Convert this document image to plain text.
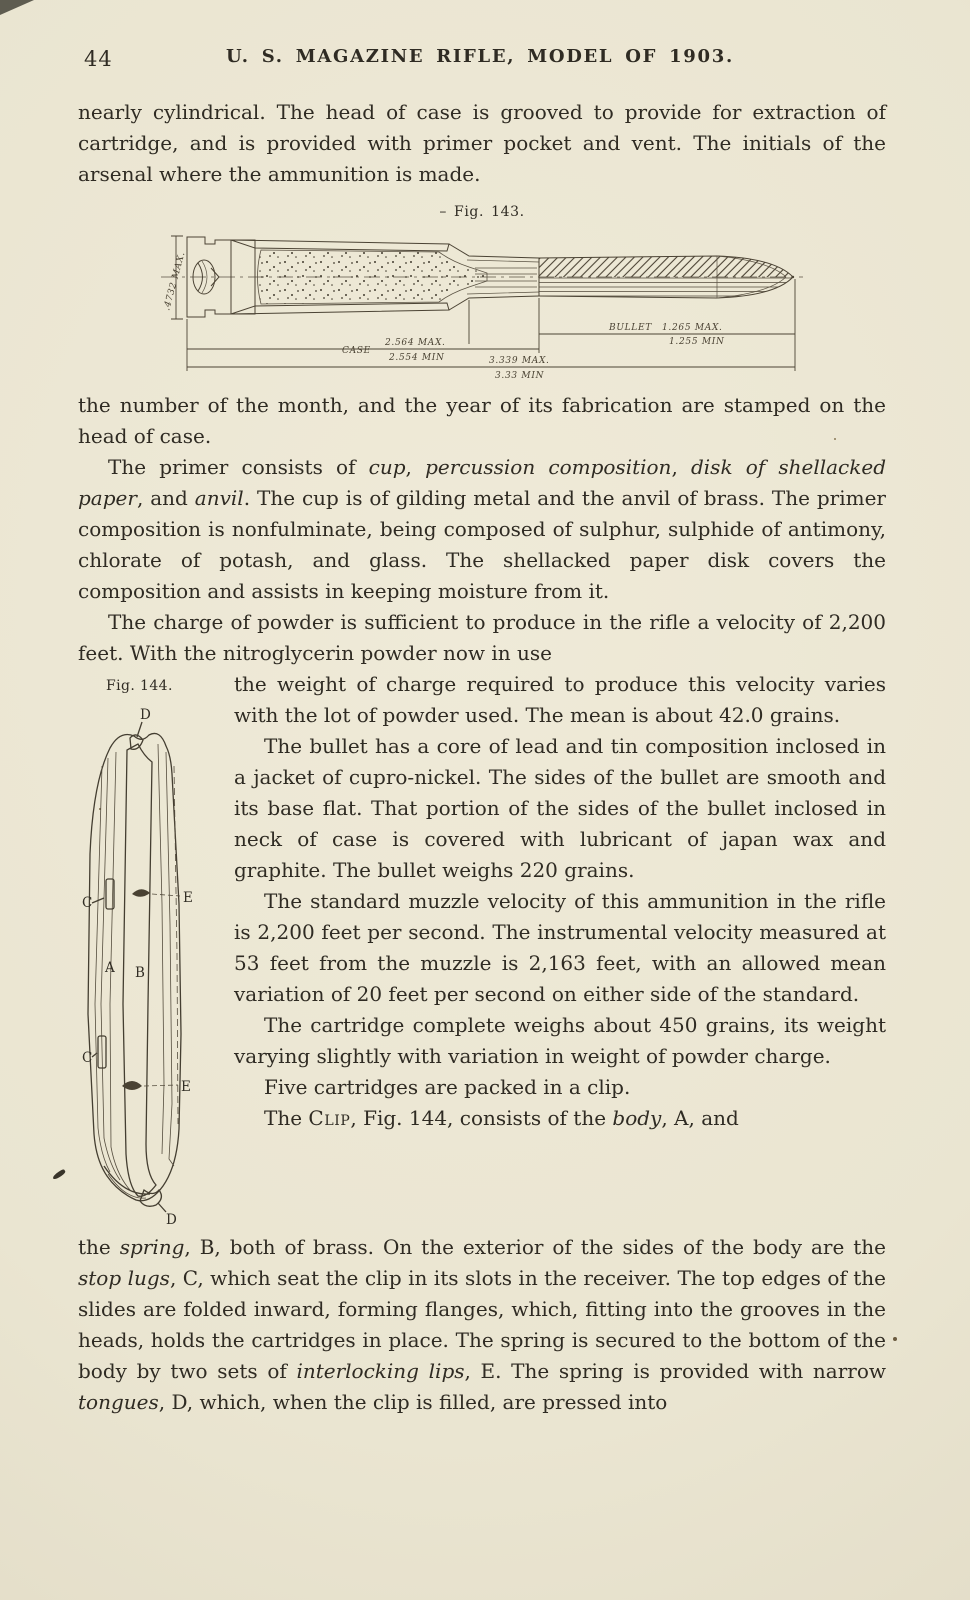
44	U. S. MAGAZINE RIFLE, MODEL OF 1903.

nearly cylindrical. The head of case is grooved to provide for extraction of cartridge, and is provided with primer pocket and vent. The initials of the arsenal where the ammunition is made.

– Fig. 143.
.4732 MAX.
BULLET 1.265 MAX.
1.255 MIN
CASE
2.564 MAX.
2.554 MIN	3.339 MAX.
3.33 MIN

the number of the month, and the year of its fabrication are stamped on the head of case.

The primer consists of cup, percussion composition, disk of shellacked paper, and anvil. The cup is of gilding metal and the anvil of brass. The primer composition is nonfulminate, being composed of sulphur, sulphide of antimony, chlorate of potash, and glass. The shellacked paper disk covers the composition and assists in keeping moisture from it.

The charge of powder is sufficient to produce in the rifle a velocity of 2,200 feet. With the nitroglycerin powder now in use

Fig. 144.
D
C	E
A B
C
E
D

the weight of charge required to produce this velocity varies with the lot of powder used. The mean is about 42.0 grains.

The bullet has a core of lead and tin composition inclosed in a jacket of cupro-nickel. The sides of the bullet are smooth and its base flat. That portion of the sides of the bullet inclosed in neck of case is covered with lubricant of japan wax and graphite. The bullet weighs 220 grains.

The standard muzzle velocity of this ammunition in the rifle is 2,200 feet per second. The instrumental velocity measured at 53 feet from the muzzle is 2,163 feet, with an allowed mean variation of 20 feet per second on either side of the standard.

The cartridge complete weighs about 450 grains, its weight varying slightly with variation in weight of powder charge.

Five cartridges are packed in a clip.

The Clip, Fig. 144, consists of the body, A, and

the spring, B, both of brass. On the exterior of the sides of the body are the stop lugs, C, which seat the clip in its slots in the receiver. The top edges of the slides are folded inward, forming flanges, which, fitting into the grooves in the heads, holds the cartridges in place. The spring is secured to the bottom of the body by two sets of interlocking lips, E. The spring is provided with narrow tongues, D, which, when the clip is filled, are pressed into
